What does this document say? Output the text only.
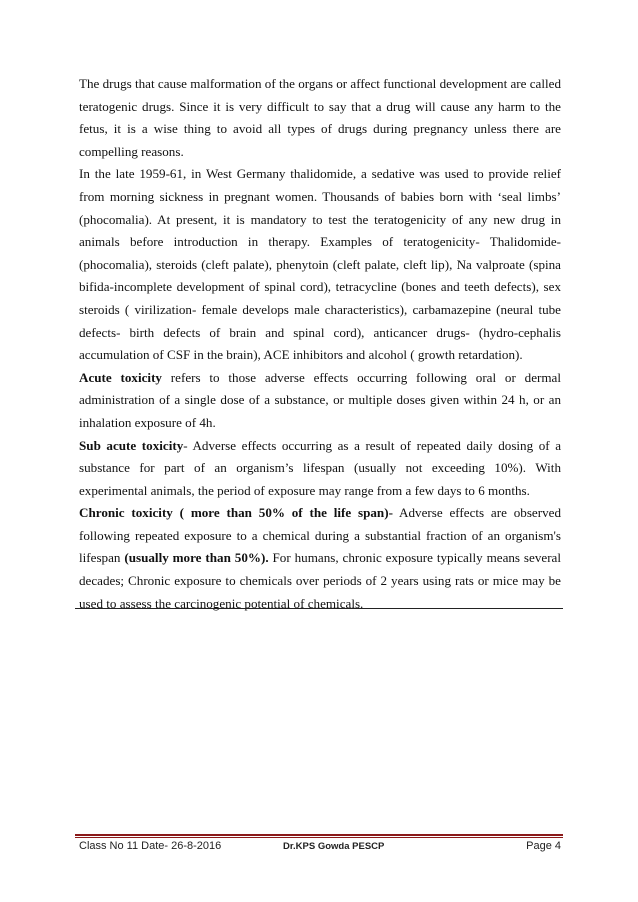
The drugs that cause malformation of the organs or affect functional development are called teratogenic drugs. Since it is very difficult to say that a drug will cause any harm to the fetus, it is a wise thing to avoid all types of drugs during pregnancy unless there are compelling reasons.

In the late 1959-61, in West Germany thalidomide, a sedative was used to provide relief from morning sickness in pregnant women. Thousands of babies born with ‘seal limbs’ (phocomalia). At present, it is mandatory to test the teratogenicity of any new drug in animals before introduction in therapy. Examples of teratogenicity- Thalidomide-(phocomalia), steroids (cleft palate), phenytoin (cleft palate, cleft lip), Na valproate (spina bifida-incomplete development of spinal cord), tetracycline (bones and teeth defects), sex steroids ( virilization- female develops male characteristics), carbamazepine (neural tube defects- birth defects of brain and spinal cord), anticancer drugs- (hydro-cephalis accumulation of CSF in the brain), ACE inhibitors and alcohol ( growth retardation).

Acute toxicity refers to those adverse effects occurring following oral or dermal administration of a single dose of a substance, or multiple doses given within 24 h, or an inhalation exposure of 4h.

Sub acute toxicity- Adverse effects occurring as a result of repeated daily dosing of a substance for part of an organism’s lifespan (usually not exceeding 10%). With experimental animals, the period of exposure may range from a few days to 6 months.

Chronic toxicity ( more than 50% of the life span)- Adverse effects are observed following repeated exposure to a chemical during a substantial fraction of an organism's lifespan (usually more than 50%). For humans, chronic exposure typically means several decades; Chronic exposure to chemicals over periods of 2 years using rats or mice may be used to assess the carcinogenic potential of chemicals.

Class No 11 Date- 26-8-2016	Dr.KPS Gowda PESCP	Page 4
